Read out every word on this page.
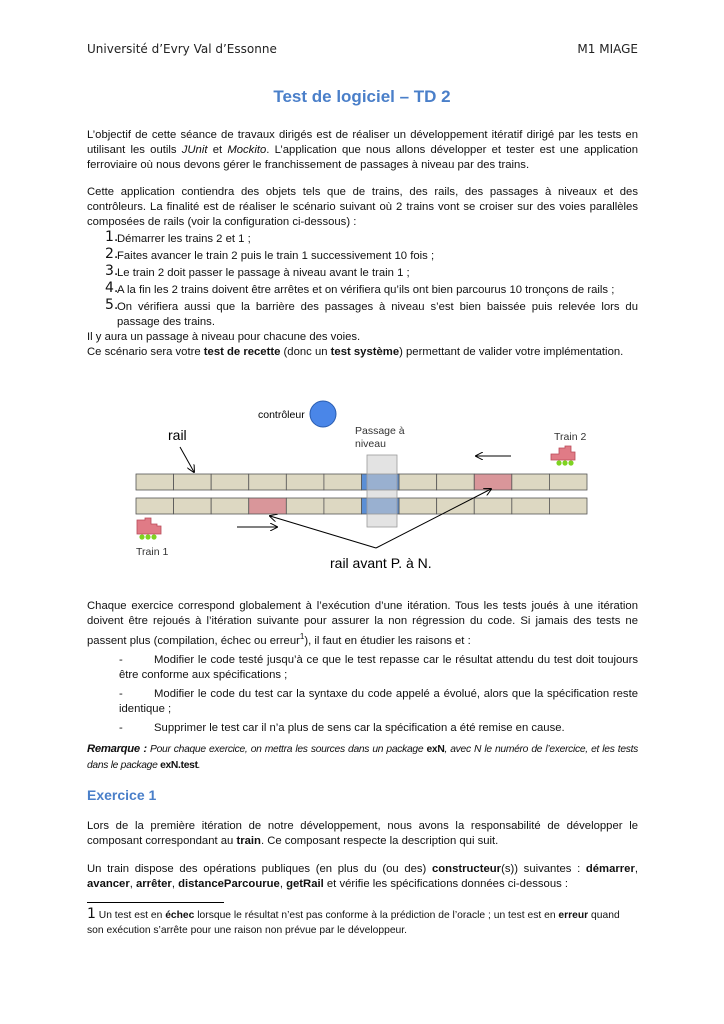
Université d’Evry Val d’Essonne	M1 MIAGE
Test de logiciel – TD 2
L’objectif de cette séance de travaux dirigés est de réaliser un développement itératif dirigé par les tests en utilisant les outils JUnit et Mockito. L’application que nous allons développer et tester est une application ferroviaire où nous devons gérer le franchissement de passages à niveau par des trains.
Cette application contiendra des objets tels que de trains, des rails, des passages à niveaux et des contrôleurs. La finalité est de réaliser le scénario suivant où 2 trains vont se croiser sur des voies parallèles composées de rails (voir la configuration ci-dessous) :
1.
Démarrer les trains 2 et 1 ;
2.
Faites avancer le train 2 puis le train 1 successivement 10 fois ;
3.
Le train 2 doit passer le passage à niveau avant le train 1 ;
4.
A la fin les 2 trains doivent être arrêtes et on vérifiera qu’ils ont bien parcourus 10 tronçons de rails ;
5.
On vérifiera aussi que la barrière des passages à niveau s’est bien baissée puis relevée lors du passage des trains.
Il y aura un passage à niveau pour chacune des voies.
Ce scénario sera votre test de recette (donc un test système) permettant de valider votre implémentation.
contrôleur
rail	Passage à
niveau
Train 2
Train 1
rail avant P. à N.
Chaque exercice correspond globalement à l’exécution d’une itération. Tous les tests joués à une itération doivent être rejoués à l’itération suivante pour assurer la non régression du code. Si jamais des tests ne passent plus (compilation, échec ou erreur$^1$), il faut en étudier les raisons et :
-	Modifier le code testé jusqu’à ce que le test repasse car le résultat attendu du test doit toujours être conforme aux spécifications ;
-	Modifier le code du test car la syntaxe du code appelé a évolué, alors que la spécification reste identique ;
-	Supprimer le test car il n’a plus de sens car la spécification a été remise en cause.
Remarque : Pour chaque exercice, on mettra les sources dans un package exN, avec N le numéro de l’exercice, et les tests dans le package exN.test.
Exercice 1
Lors de la première itération de notre développement, nous avons la responsabilité de développer le composant correspondant au train. Ce composant respecte la description qui suit.
Un train dispose des opérations publiques (en plus du (ou des) constructeur(s)) suivantes : démarrer, avancer, arrêter, distanceParcourue, getRail et vérifie les spécifications données ci-dessous :
1 Un test est en échec lorsque le résultat n’est pas conforme à la prédiction de l’oracle ; un test est en erreur quand son exécution s’arrête pour une raison non prévue par le développeur.
